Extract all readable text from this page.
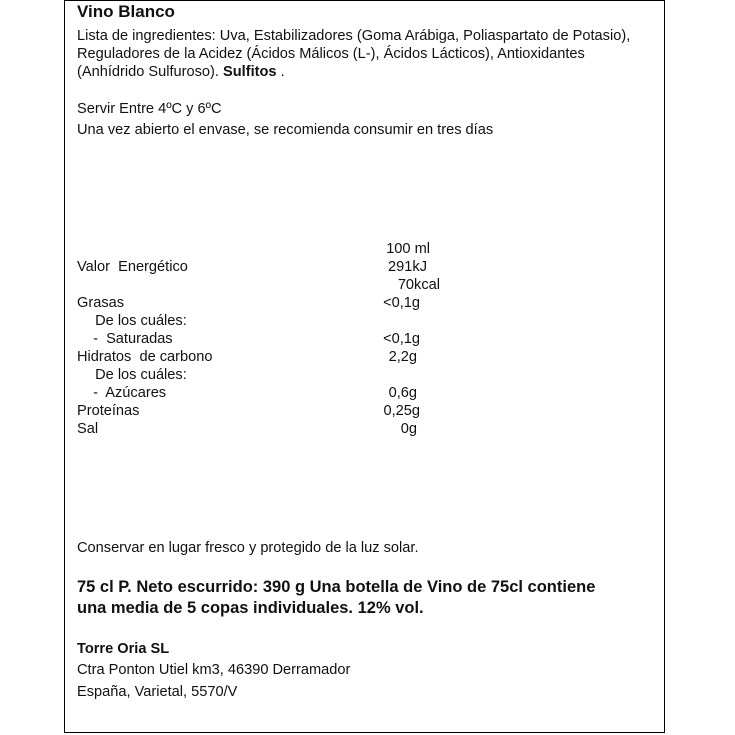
Vino Blanco
Lista de ingredientes: Uva, Estabilizadores (Goma Arábiga, Poliaspartato de Potasio), Reguladores de la Acidez (Ácidos Málicos (L-), Ácidos Lácticos), Antioxidantes (Anhídrido Sulfuroso). Sulfitos .
Servir Entre 4ºC y 6ºC
Una vez abierto el envase, se recomienda consumir en tres días
100 ml
Valor  Energético	291kJ
70kcal
Grasas	<0,1g
De los cuáles:
-  Saturadas	<0,1g
Hidratos  de carbono	2,2g
De los cuáles:
-  Azúcares	0,6g
Proteínas	0,25g
Sal	0g
Conservar en lugar fresco y protegido de la luz solar.
75 cl P. Neto escurrido: 390 g Una botella de Vino de 75cl contiene
una media de 5 copas individuales. 12% vol.
Torre Oria SL
Ctra Ponton Utiel km3, 46390 Derramador
España, Varietal, 5570/V
